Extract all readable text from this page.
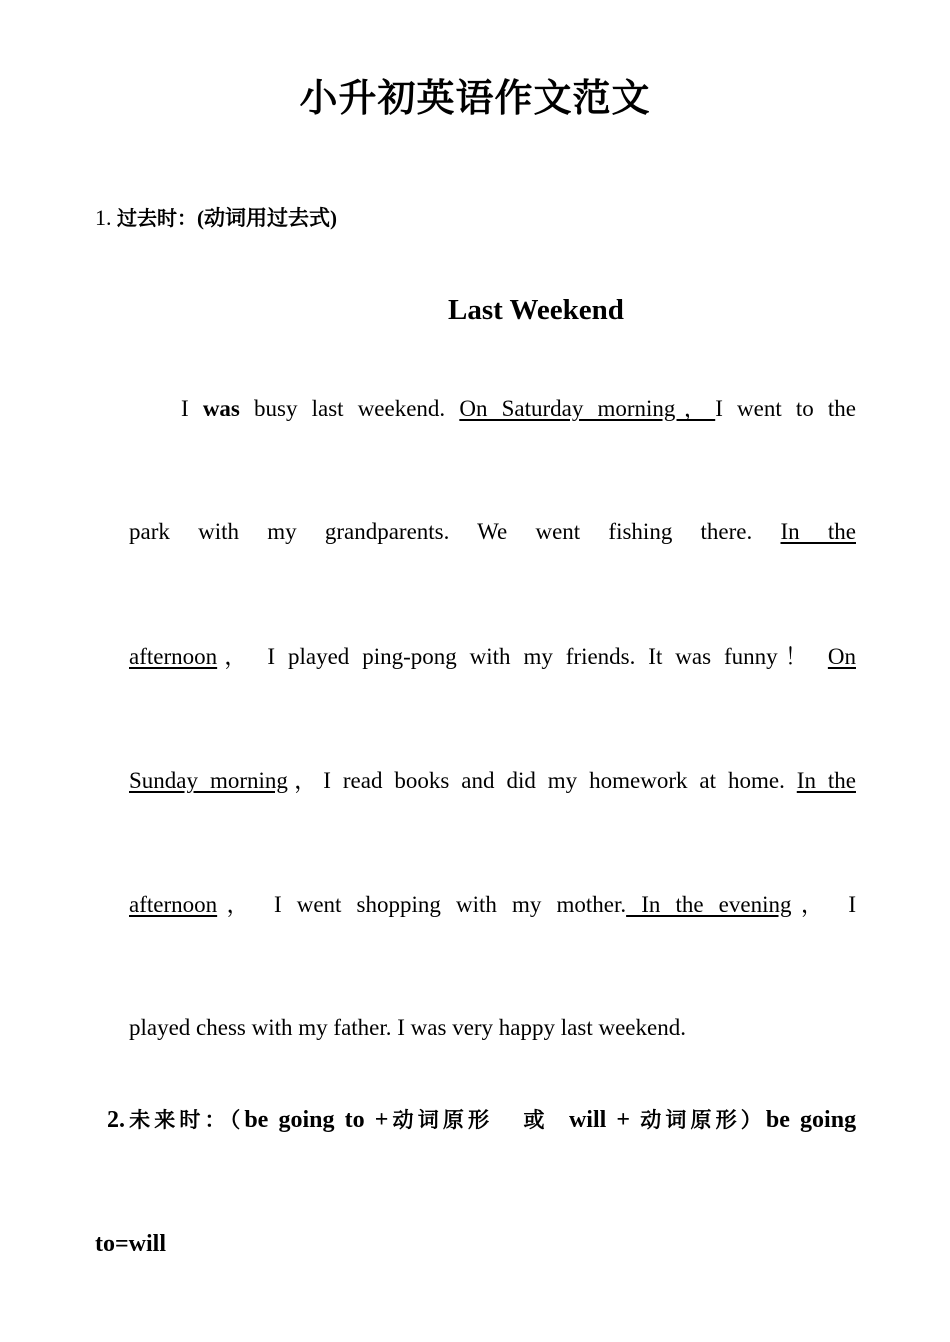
小升初英语作文范文
1. 过去时：(动词用过去式)
Last Weekend
I was busy last weekend. On Saturday morning，I went to the
park with my grandparents. We went fishing there. In the
afternoon， I played ping-pong with my friends. It was funny！ On
Sunday morning，I read books and did my homework at home. In the
afternoon， I went shopping with my mother. In the evening， I
played chess with my father. I was very happy last weekend.
2.未来时：（be going to +动词原形 或 will + 动词原形）be going
to=will
